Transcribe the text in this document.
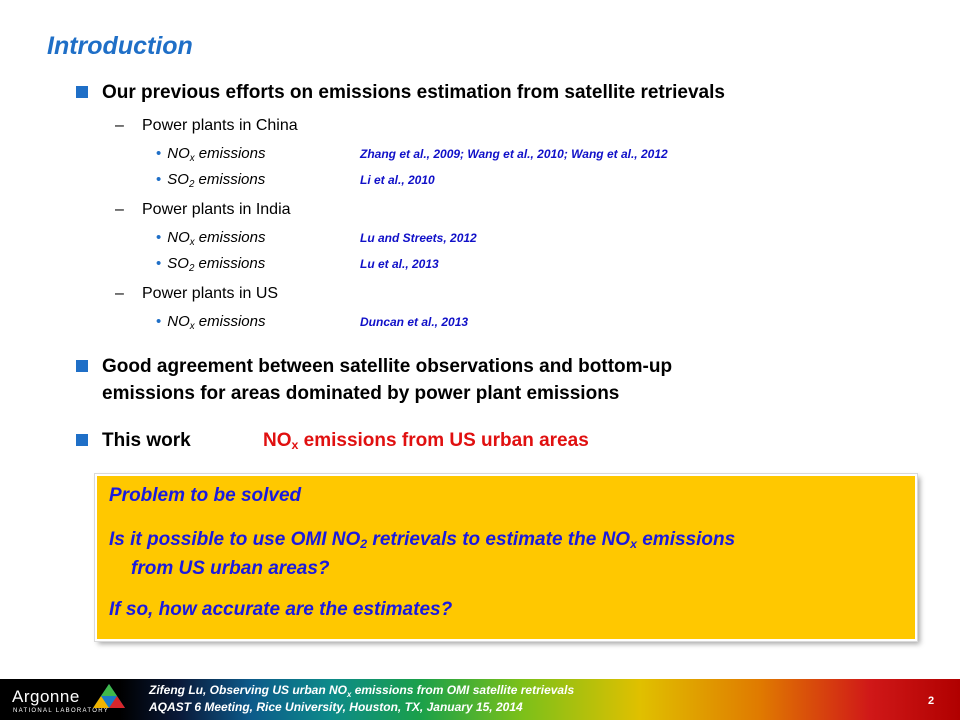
Introduction
Our previous efforts on emissions estimation from satellite retrievals
– Power plants in China
• $NO_x$ emissions	Zhang et al., 2009; Wang et al., 2010; Wang et al., 2012
• $SO_2$ emissions	Li et al., 2010
– Power plants in India
• $NO_x$ emissions	Lu and Streets, 2012
• $SO_2$ emissions	Lu et al., 2013
– Power plants in US
• $NO_x$ emissions	Duncan et al., 2013
Good agreement between satellite observations and bottom-up
emissions for areas dominated by power plant emissions
This work	$NO_x$ emissions from US urban areas
Problem to be solved
Is it possible to use OMI $NO_2$ retrievals to estimate the $NO_x$ emissions
from US urban areas?
If so, how accurate are the estimates?
Argonne
NATIONAL LABORATORY
Zifeng Lu, Observing US urban $NO_x$ emissions from OMI satellite retrievals
AQAST 6 Meeting, Rice University, Houston, TX, January 15, 2014	2
